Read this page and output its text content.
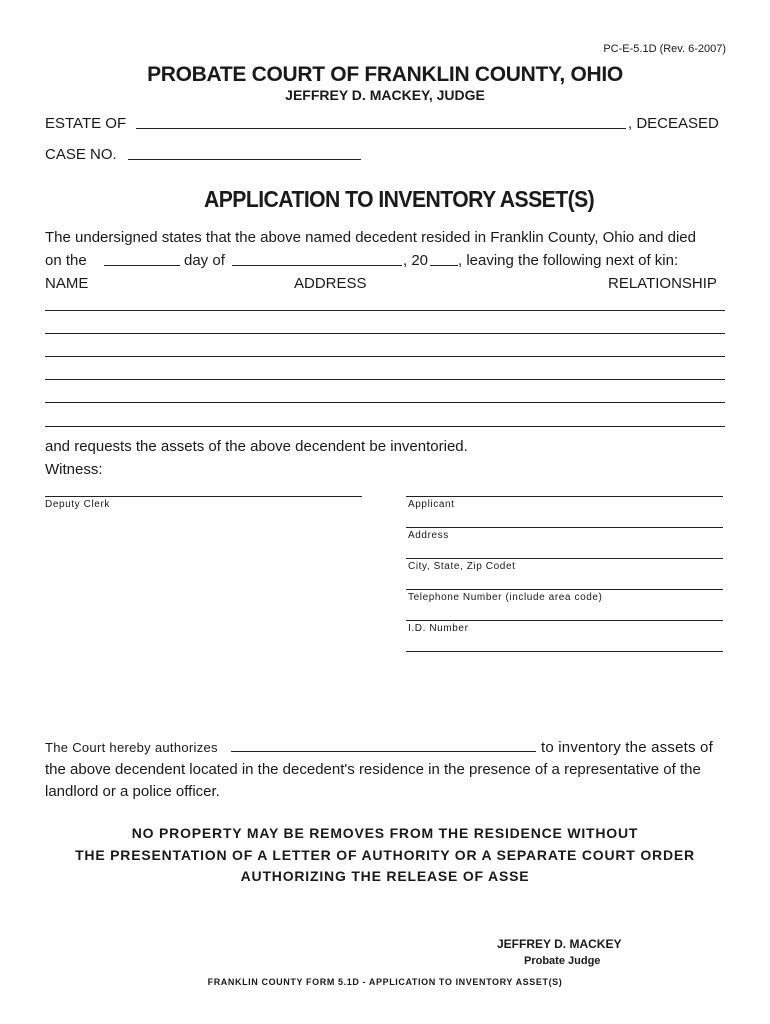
PC-E-5.1D (Rev. 6-2007)
PROBATE COURT OF FRANKLIN COUNTY, OHIO
JEFFREY D. MACKEY, JUDGE
ESTATE OF	, DECEASED
CASE NO.
APPLICATION TO INVENTORY ASSET(S)
The undersigned states that the above named decedent resided in Franklin County, Ohio and died
on the	day of	, 20 , leaving the following next of kin:
NAME	ADDRESS	RELATIONSHIP
and requests the assets of the above decendent be inventoried.
Witness:
Deputy Clerk	Applicant
Address
City, State, Zip Codet
Telephone Number (include area code)
I.D. Number
The Court hereby authorizes	to inventory the assets of
the above decendent located in the decedent's residence in the presence of a representative of the
landlord or a police officer.
NO PROPERTY MAY BE REMOVES FROM THE RESIDENCE WITHOUT
THE PRESENTATION OF A LETTER OF AUTHORITY OR A SEPARATE COURT ORDER
AUTHORIZING THE RELEASE OF ASSE
JEFFREY D. MACKEY
Probate Judge
FRANKLIN COUNTY FORM 5.1D - APPLICATION TO INVENTORY ASSET(S)
